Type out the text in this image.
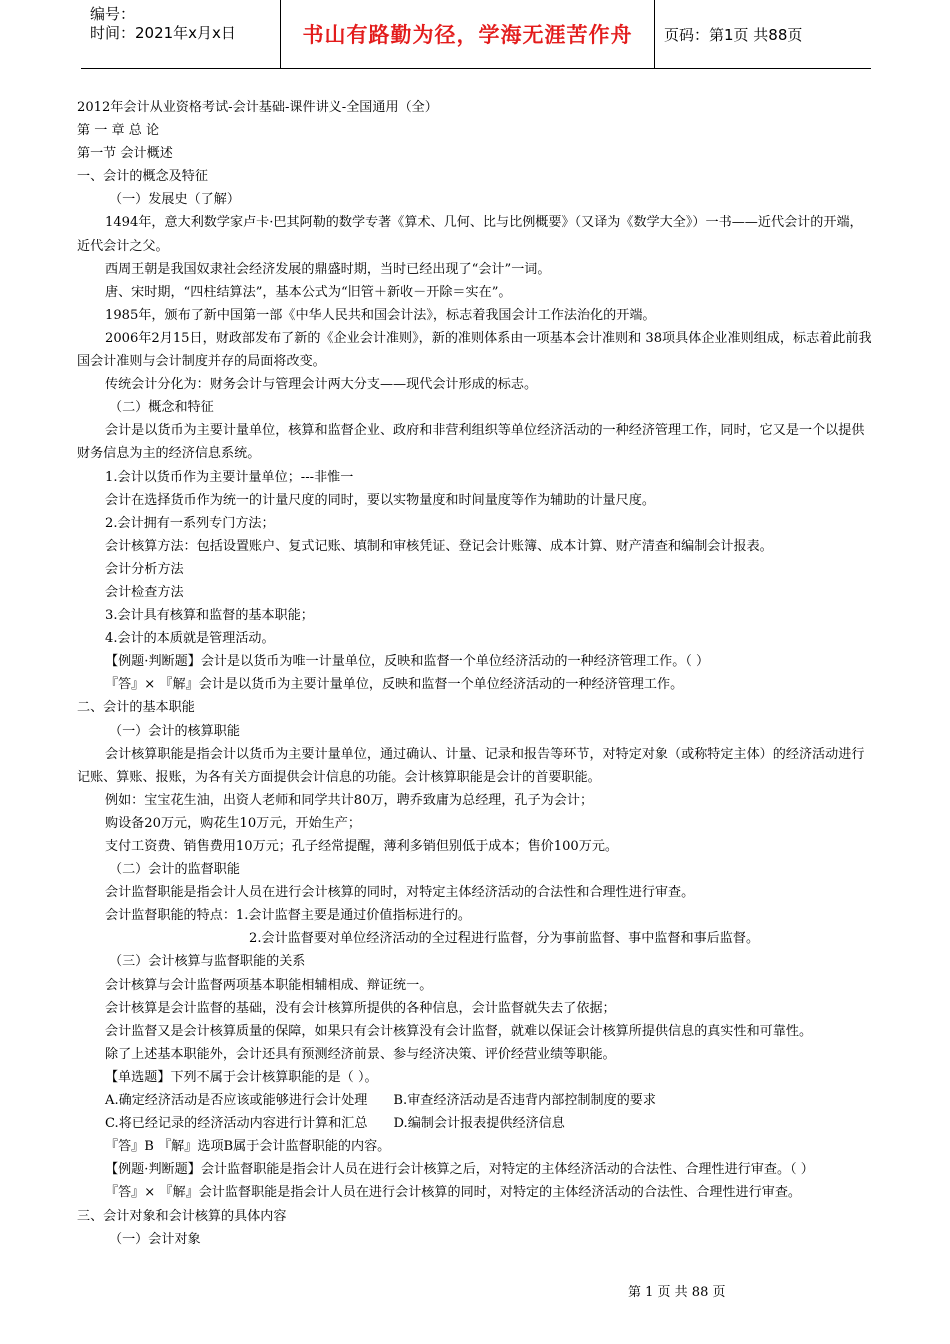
编号：
时间：2021年x月x日	书山有路勤为径，学海无涯苦作舟 页码：第1页 共88页
2012年会计从业资格考试-会计基础-课件讲义-全国通用（全）
第 一 章 总 论
第一节 会计概述
一、会计的概念及特征
（一）发展史（了解）
1494年，意大利数学家卢卡·巴其阿勒的数学专著《算术、几何、比与比例概要》（又译为《数学大全》）一书——近代会计的开端，近代会计之父。
西周王朝是我国奴隶社会经济发展的鼎盛时期，当时已经出现了“会计”一词。
唐、宋时期，“四柱结算法”，基本公式为“旧管＋新收－开除＝实在”。
1985年，颁布了新中国第一部《中华人民共和国会计法》，标志着我国会计工作法治化的开端。
2006年2月15日，财政部发布了新的《企业会计准则》，新的准则体系由一项基本会计准则和 38项具体企业准则组成，标志着此前我国会计准则与会计制度并存的局面将改变。
传统会计分化为：财务会计与管理会计两大分支——现代会计形成的标志。
（二）概念和特征
会计是以货币为主要计量单位，核算和监督企业、政府和非营利组织等单位经济活动的一种经济管理工作，同时，它又是一个以提供财务信息为主的经济信息系统。
1.会计以货币作为主要计量单位；---非惟一
会计在选择货币作为统一的计量尺度的同时，要以实物量度和时间量度等作为辅助的计量尺度。
2.会计拥有一系列专门方法；
会计核算方法：包括设置账户、复式记账、填制和审核凭证、登记会计账簿、成本计算、财产清查和编制会计报表。
会计分析方法
会计检查方法
3.会计具有核算和监督的基本职能；
4.会计的本质就是管理活动。
【例题·判断题】会计是以货币为唯一计量单位，反映和监督一个单位经济活动的一种经济管理工作。（ ）
『答』× 『解』会计是以货币为主要计量单位，反映和监督一个单位经济活动的一种经济管理工作。
二、会计的基本职能
（一）会计的核算职能
会计核算职能是指会计以货币为主要计量单位，通过确认、计量、记录和报告等环节，对特定对象（或称特定主体）的经济活动进行记账、算账、报账，为各有关方面提供会计信息的功能。会计核算职能是会计的首要职能。
例如：宝宝花生油，出资人老师和同学共计80万，聘乔致庸为总经理，孔子为会计；
购设备20万元，购花生10万元，开始生产；
支付工资费、销售费用10万元；孔子经常提醒，薄利多销但别低于成本；售价100万元。
（二）会计的监督职能
会计监督职能是指会计人员在进行会计核算的同时，对特定主体经济活动的合法性和合理性进行审查。
会计监督职能的特点：1.会计监督主要是通过价值指标进行的。
2.会计监督要对单位经济活动的全过程进行监督，分为事前监督、事中监督和事后监督。
（三）会计核算与监督职能的关系
会计核算与会计监督两项基本职能相辅相成、辩证统一。
会计核算是会计监督的基础，没有会计核算所提供的各种信息，会计监督就失去了依据；
会计监督又是会计核算质量的保障，如果只有会计核算没有会计监督，就难以保证会计核算所提供信息的真实性和可靠性。
除了上述基本职能外，会计还具有预测经济前景、参与经济决策、评价经营业绩等职能。
【单选题】下列不属于会计核算职能的是（ ）。
A.确定经济活动是否应该或能够进行会计处理 B.审查经济活动是否违背内部控制制度的要求
C.将已经记录的经济活动内容进行计算和汇总 D.编制会计报表提供经济信息
『答』B 『解』选项B属于会计监督职能的内容。
【例题·判断题】会计监督职能是指会计人员在进行会计核算之后，对特定的主体经济活动的合法性、合理性进行审查。（ ）
『答』× 『解』会计监督职能是指会计人员在进行会计核算的同时，对特定的主体经济活动的合法性、合理性进行审查。
三、会计对象和会计核算的具体内容
（一）会计对象
第 1 页 共 88 页
